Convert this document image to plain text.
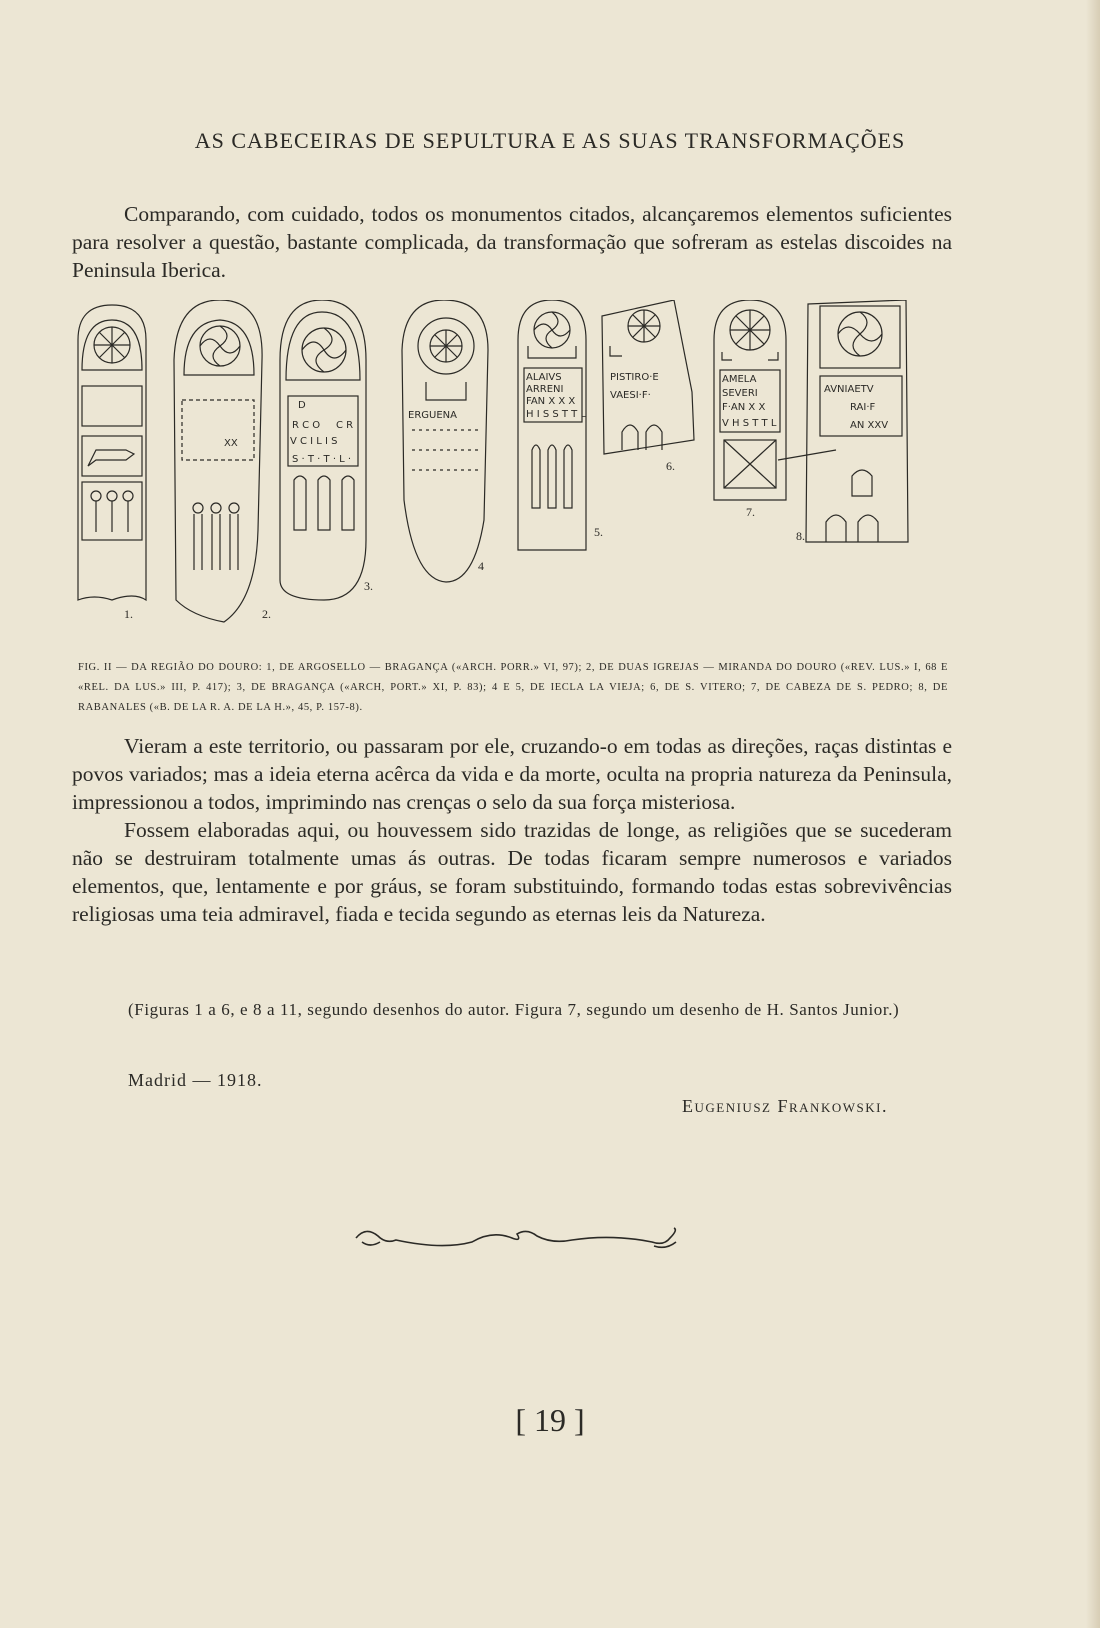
AS CABECEIRAS DE SEPULTURA E AS SUAS TRANSFORMAÇÕES

Comparando, com cuidado, todos os monumentos citados, alcançaremos elementos suficientes para resolver a questão, bastante complicada, da transformação que sofreram as estelas discoides na Peninsula Iberica.

1.
XX
2.
D
R C O C R
V C I L I S
S · T · T · L ·
3.
ERGUENA
4
ALAIVS
ARRENI
FAN X X X
H I S S T T L
5.
PISTIRO·E
VAESI·F·
6.
AMELA
SEVERI
F·AN X X
V H S T T L
7.
AVNIAETV
RAI·F
AN XXV
8.

FIG. II — DA REGIÃO DO DOURO: 1, DE ARGOSELLO — BRAGANÇA («ARCH. PORR.» VI, 97); 2, DE DUAS IGREJAS — MIRANDA DO DOURO («REV. LUS.» I, 68 E «REL. DA LUS.» III, P. 417); 3, DE BRAGANÇA («ARCH, PORT.» XI, P. 83); 4 E 5, DE IECLA LA VIEJA; 6, DE S. VITERO; 7, DE CABEZA DE S. PEDRO; 8, DE RABANALES («B. DE LA R. A. DE LA H.», 45, P. 157-8).

Vieram a este territorio, ou passaram por ele, cruzando-o em todas as direções, raças distintas e povos variados; mas a ideia eterna acêrca da vida e da morte, oculta na propria natureza da Peninsula, impressionou a todos, imprimindo nas crenças o selo da sua força misteriosa.

Fossem elaboradas aqui, ou houvessem sido trazidas de longe, as religiões que se sucederam não se destruiram totalmente umas ás outras. De todas ficaram sempre numerosos e variados elementos, que, lentamente e por gráus, se foram substituindo, formando todas estas sobrevivências religiosas uma teia admiravel, fiada e tecida segundo as eternas leis da Natureza.

(Figuras 1 a 6, e 8 a 11, segundo desenhos do autor. Figura 7, segundo um desenho de H. Santos Junior.)

Madrid — 1918.
Eugeniusz Frankowski.
[ 19 ]
